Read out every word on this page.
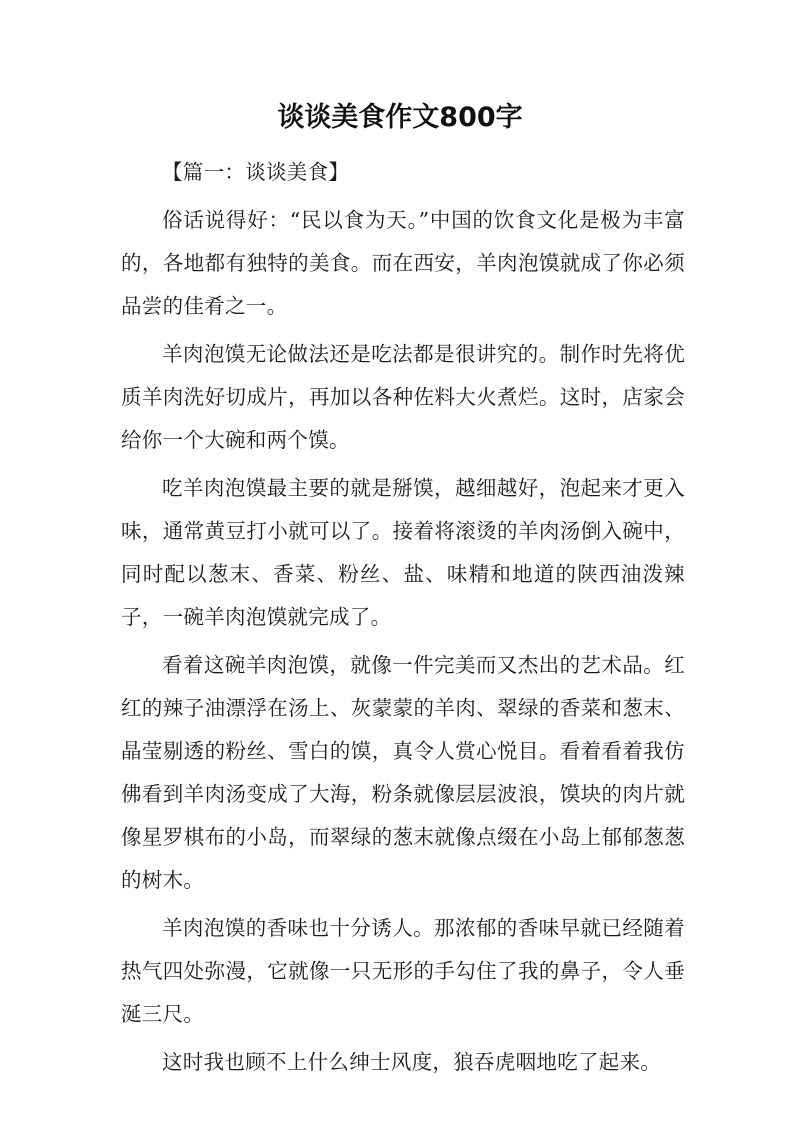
谈谈美食作文800字

【篇一：谈谈美食】

俗话说得好：“民以食为天。”中国的饮食文化是极为丰富的，各地都有独特的美食。而在西安，羊肉泡馍就成了你必须品尝的佳肴之一。

羊肉泡馍无论做法还是吃法都是很讲究的。制作时先将优质羊肉洗好切成片，再加以各种佐料大火煮烂。这时，店家会给你一个大碗和两个馍。

吃羊肉泡馍最主要的就是掰馍，越细越好，泡起来才更入味，通常黄豆打小就可以了。接着将滚烫的羊肉汤倒入碗中，同时配以葱末、香菜、粉丝、盐、味精和地道的陕西油泼辣子，一碗羊肉泡馍就完成了。

看着这碗羊肉泡馍，就像一件完美而又杰出的艺术品。红红的辣子油漂浮在汤上、灰蒙蒙的羊肉、翠绿的香菜和葱末、晶莹剔透的粉丝、雪白的馍，真令人赏心悦目。看着看着我仿佛看到羊肉汤变成了大海，粉条就像层层波浪，馍块的肉片就像星罗棋布的小岛，而翠绿的葱末就像点缀在小岛上郁郁葱葱的树木。

羊肉泡馍的香味也十分诱人。那浓郁的香味早就已经随着热气四处弥漫，它就像一只无形的手勾住了我的鼻子，令人垂涎三尺。

这时我也顾不上什么绅士风度，狼吞虎咽地吃了起来。
